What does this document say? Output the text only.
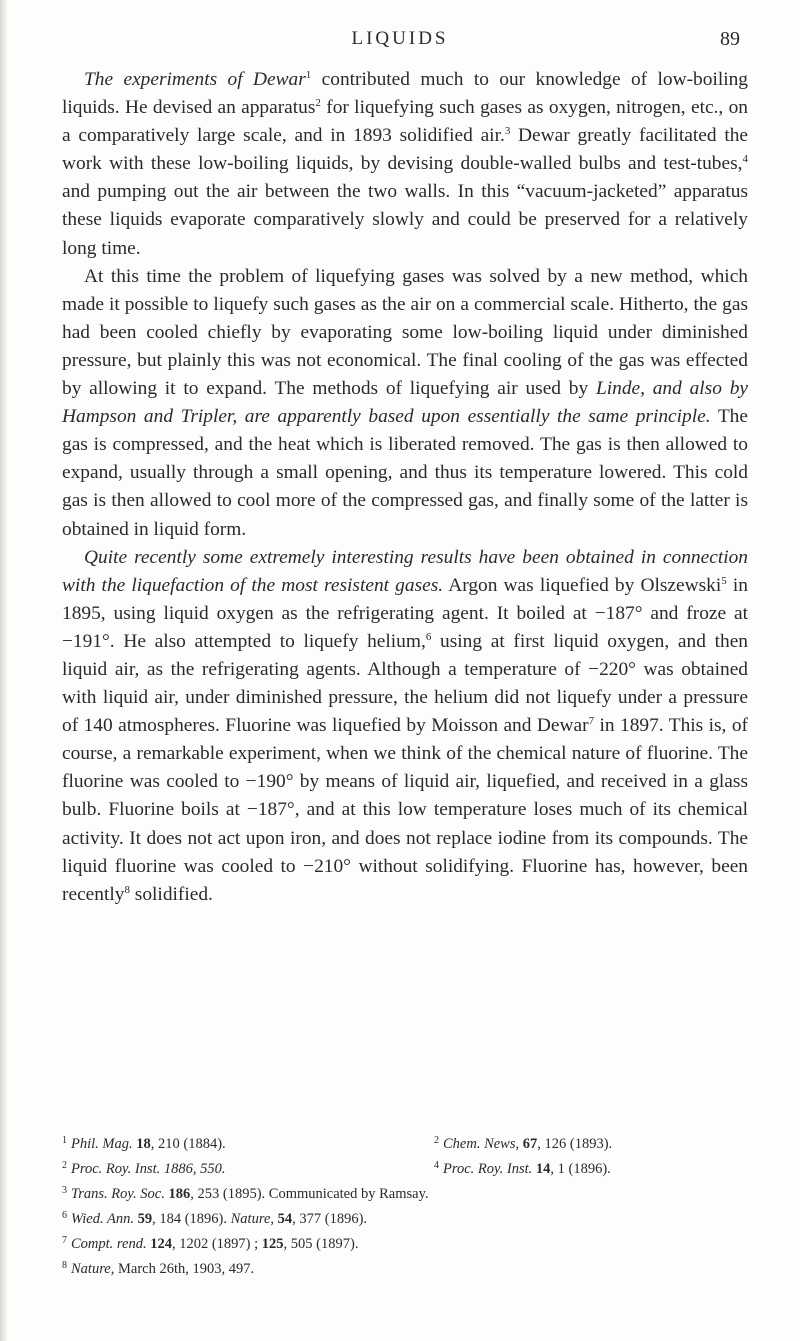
LIQUIDS	89

The experiments of Dewar$^1$ contributed much to our knowledge of low-boiling liquids. He devised an apparatus$^2$ for liquefying such gases as oxygen, nitrogen, etc., on a comparatively large scale, and in 1893 solidified air.$^3$ Dewar greatly facilitated the work with these low-boiling liquids, by devising double-walled bulbs and test-tubes,$^4$ and pumping out the air between the two walls. In this “vacuum-jacketed” apparatus these liquids evaporate comparatively slowly and could be preserved for a relatively long time.

At this time the problem of liquefying gases was solved by a new method, which made it possible to liquefy such gases as the air on a commercial scale. Hitherto, the gas had been cooled chiefly by evaporating some low-boiling liquid under diminished pressure, but plainly this was not economical. The final cooling of the gas was effected by allowing it to expand. The methods of liquefying air used by Linde, and also by Hampson and Tripler, are apparently based upon essentially the same principle. The gas is compressed, and the heat which is liberated removed. The gas is then allowed to expand, usually through a small opening, and thus its temperature lowered. This cold gas is then allowed to cool more of the compressed gas, and finally some of the latter is obtained in liquid form.

Quite recently some extremely interesting results have been obtained in connection with the liquefaction of the most resistent gases. Argon was liquefied by Olszewski$^5$ in 1895, using liquid oxygen as the refrigerating agent. It boiled at −187° and froze at −191°. He also attempted to liquefy helium,$^6$ using at first liquid oxygen, and then liquid air, as the refrigerating agents. Although a temperature of −220° was obtained with liquid air, under diminished pressure, the helium did not liquefy under a pressure of 140 atmospheres. Fluorine was liquefied by Moisson and Dewar$^7$ in 1897. This is, of course, a remarkable experiment, when we think of the chemical nature of fluorine. The fluorine was cooled to −190° by means of liquid air, liquefied, and received in a glass bulb. Fluorine boils at −187°, and at this low temperature loses much of its chemical activity. It does not act upon iron, and does not replace iodine from its compounds. The liquid fluorine was cooled to −210° without solidifying. Fluorine has, however, been recently$^8$ solidified.

$^1$ Phil. Mag. 18, 210 (1884).	$^2$ Chem. News, 67, 126 (1893).
$^2$ Proc. Roy. Inst. 1886, 550.	$^4$ Proc. Roy. Inst. 14, 1 (1896).
$^3$ Trans. Roy. Soc. 186, 253 (1895). Communicated by Ramsay.
$^6$ Wied. Ann. 59, 184 (1896). Nature, 54, 377 (1896).
$^7$ Compt. rend. 124, 1202 (1897) ; 125, 505 (1897).
$^8$ Nature, March 26th, 1903, 497.
